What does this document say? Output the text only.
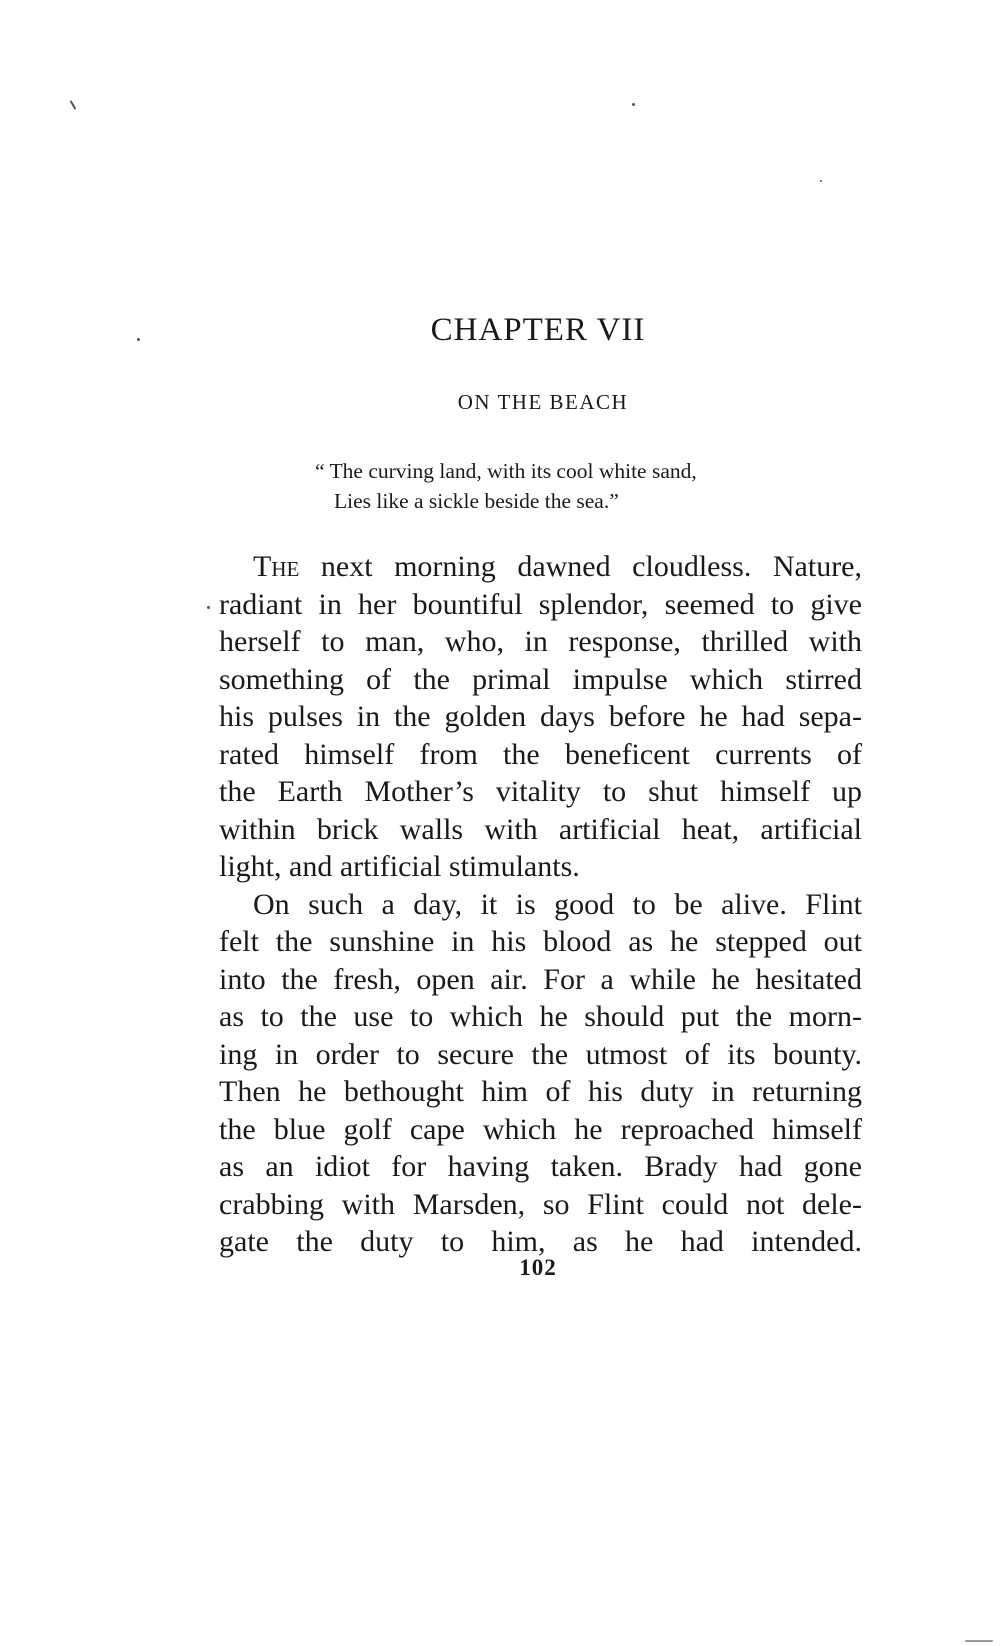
CHAPTER VII
ON THE BEACH
“ The curving land, with its cool white sand,
Lies like a sickle beside the sea.”
The next morning dawned cloudless. Nature,
radiant in her bountiful splendor, seemed to give
herself to man, who, in response, thrilled with
something of the primal impulse which stirred
his pulses in the golden days before he had sepa-
rated himself from the beneficent currents of
the Earth Mother’s vitality to shut himself up
within brick walls with artificial heat, artificial
light, and artificial stimulants.
On such a day, it is good to be alive. Flint
felt the sunshine in his blood as he stepped out
into the fresh, open air. For a while he hesitated
as to the use to which he should put the morn-
ing in order to secure the utmost of its bounty.
Then he bethought him of his duty in returning
the blue golf cape which he reproached himself
as an idiot for having taken. Brady had gone
crabbing with Marsden, so Flint could not dele-
gate the duty to him, as he had intended.
102
